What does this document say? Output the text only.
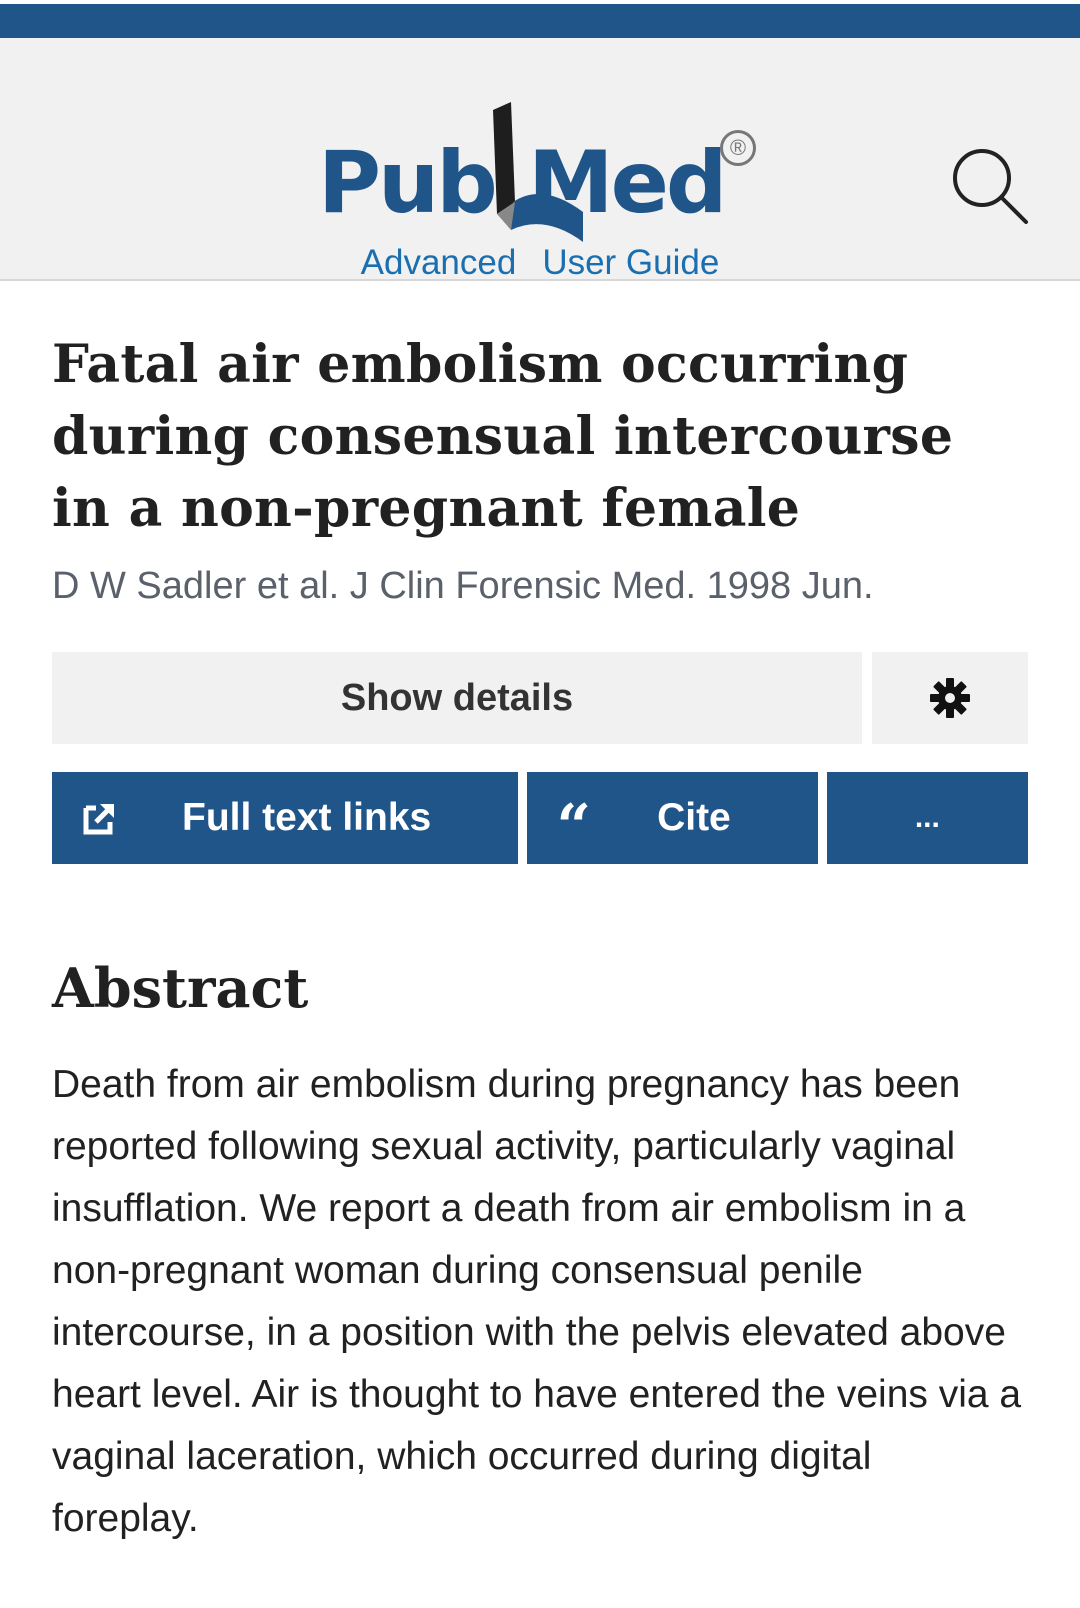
Pub Med ®
Advanced User Guide
Fatal air embolism occurring during consensual intercourse in a non-pregnant female
D W Sadler et al. J Clin Forensic Med. 1998 Jun.
Show details
Full text links “ Cite	...
Abstract

Death from air embolism during pregnancy has been reported following sexual activity, particularly vaginal insufflation. We report a death from air embolism in a non-pregnant woman during consensual penile intercourse, in a position with the pelvis elevated above heart level. Air is thought to have entered the veins via a vaginal laceration, which occurred during digital foreplay.
